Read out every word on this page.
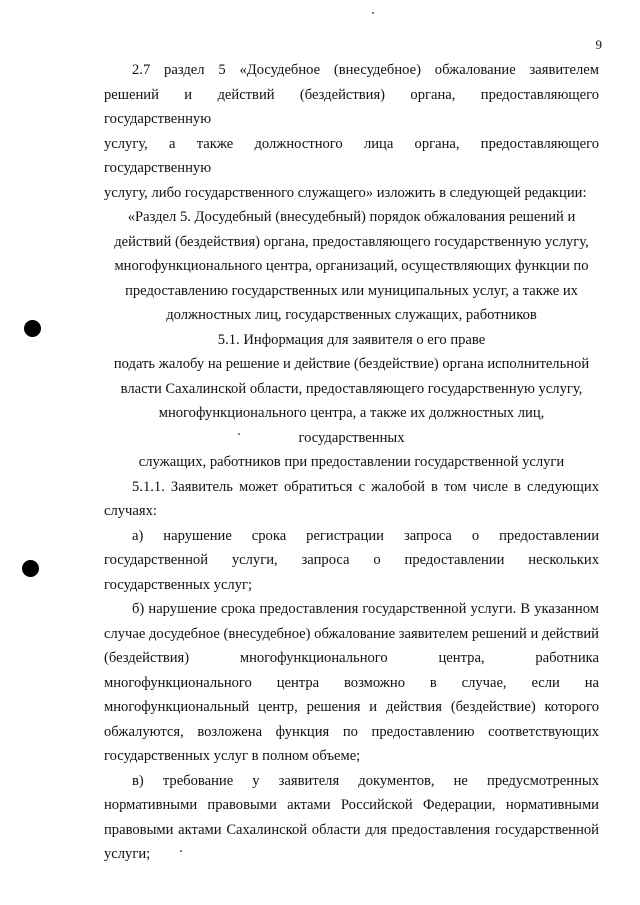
9
2.7 раздел 5 «Досудебное (внесудебное) обжалование заявителем
решений и действий (бездействия) органа, предоставляющего государственную
услугу, а также должностного лица органа, предоставляющего государственную
услугу, либо государственного служащего» изложить в следующей редакции:
«Раздел 5. Досудебный (внесудебный) порядок обжалования решений и
действий (бездействия) органа, предоставляющего государственную услугу,
многофункционального центра, организаций, осуществляющих функции по
предоставлению государственных или муниципальных услуг, а также их
должностных лиц, государственных служащих, работников
5.1. Информация для заявителя о его праве
подать жалобу на решение и действие (бездействие) органа исполнительной
власти Сахалинской области, предоставляющего государственную услугу,
многофункционального центра, а также их должностных лиц, государственных
служащих, работников при предоставлении государственной услуги
5.1.1. Заявитель может обратиться с жалобой в том числе в следующих
случаях:
а) нарушение срока регистрации запроса о предоставлении
государственной услуги, запроса о предоставлении нескольких
государственных услуг;
б) нарушение срока предоставления государственной услуги. В указанном
случае досудебное (внесудебное) обжалование заявителем решений и действий
(бездействия) многофункционального центра, работника
многофункционального центра возможно в случае, если на
многофункциональный центр, решения и действия (бездействие) которого
обжалуются, возложена функция по предоставлению соответствующих
государственных услуг в полном объеме;
в) требование у заявителя документов, не предусмотренных
нормативными правовыми актами Российской Федерации, нормативными
правовыми актами Сахалинской области для предоставления государственной
услуги;
